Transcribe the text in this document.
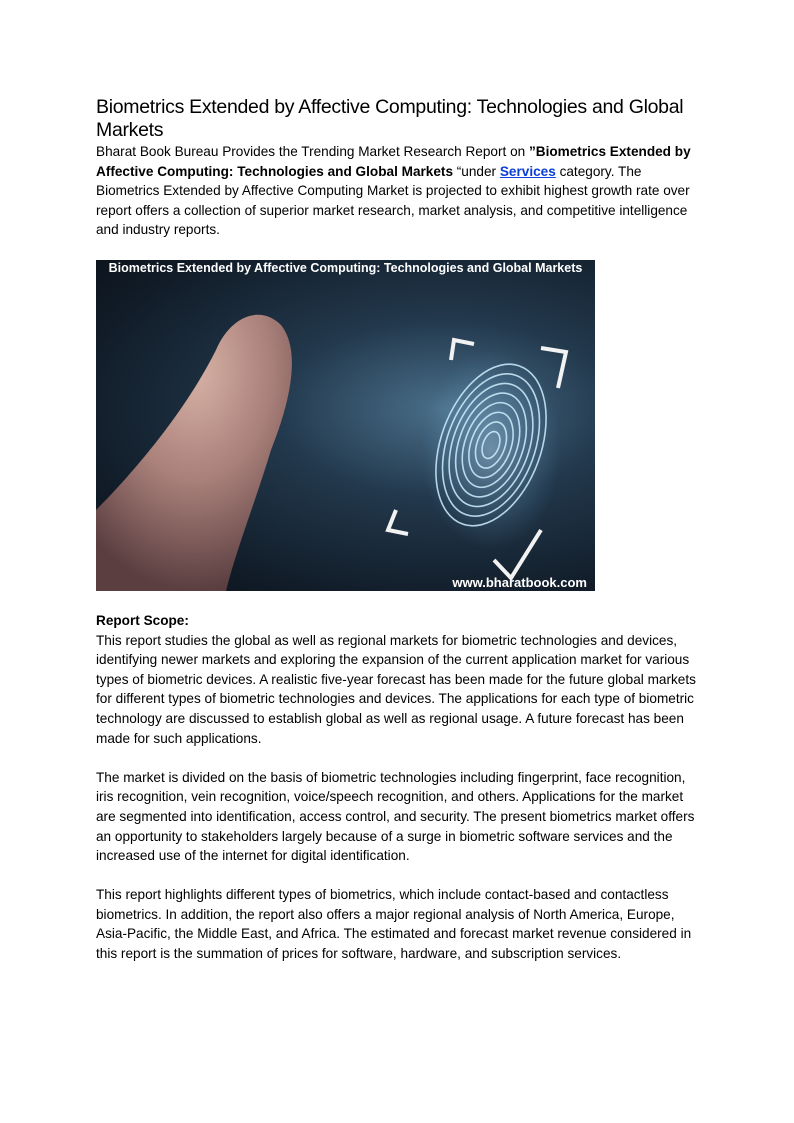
Biometrics Extended by Affective Computing: Technologies and Global Markets

Bharat Book Bureau Provides the Trending Market Research Report on ”Biometrics Extended by Affective Computing: Technologies and Global Markets “under Services category. The Biometrics Extended by Affective Computing Market is projected to exhibit highest growth rate over report offers a collection of superior market research, market analysis, and competitive intelligence and industry reports.

Biometrics Extended by Affective Computing: Technologies and Global Markets
www.bharatbook.com

Report Scope:

This report studies the global as well as regional markets for biometric technologies and devices, identifying newer markets and exploring the expansion of the current application market for various types of biometric devices. A realistic five-year forecast has been made for the future global markets for different types of biometric technologies and devices. The applications for each type of biometric technology are discussed to establish global as well as regional usage. A future forecast has been made for such applications.

The market is divided on the basis of biometric technologies including fingerprint, face recognition, iris recognition, vein recognition, voice/speech recognition, and others. Applications for the market are segmented into identification, access control, and security. The present biometrics market offers an opportunity to stakeholders largely because of a surge in biometric software services and the increased use of the internet for digital identification.

This report highlights different types of biometrics, which include contact-based and contactless biometrics. In addition, the report also offers a major regional analysis of North America, Europe, Asia-Pacific, the Middle East, and Africa. The estimated and forecast market revenue considered in this report is the summation of prices for software, hardware, and subscription services.
